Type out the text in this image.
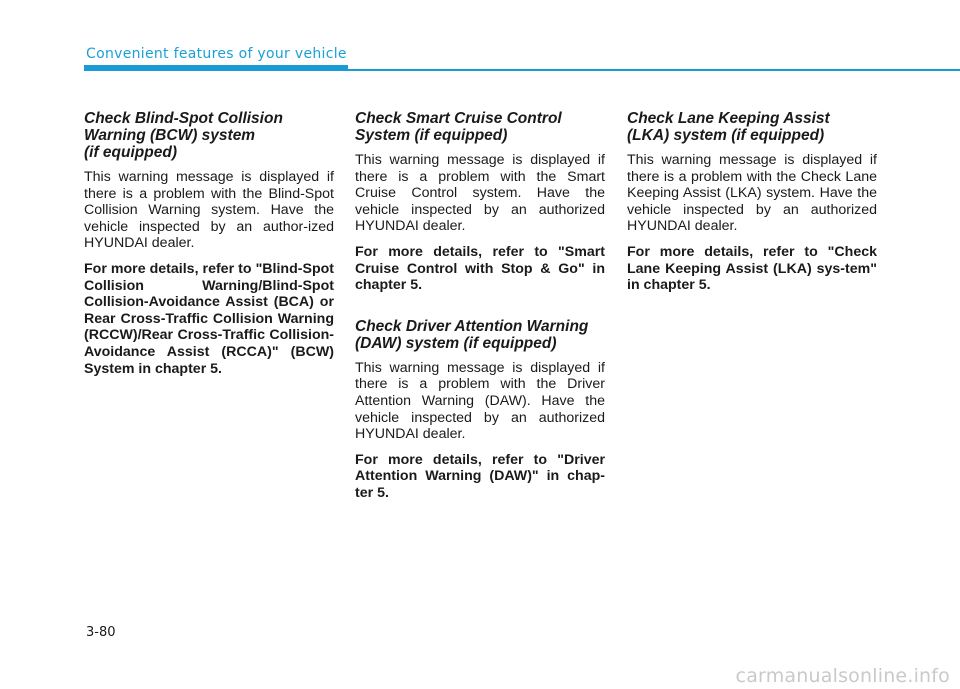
Convenient features of your vehicle
Check Blind-Spot Collision
Warning (BCW) system
(if equipped)

This warning message is displayed if there is a problem with the Blind-Spot Collision Warning system. Have the vehicle inspected by an author-ized HYUNDAI dealer.

For more details, refer to "Blind-Spot Collision Warning/Blind-Spot Collision-Avoidance Assist (BCA) or Rear Cross-Traffic Collision Warning (RCCW)/Rear Cross-Traffic Collision-Avoidance Assist (RCCA)" (BCW) System in chapter 5.

Check Smart Cruise Control
System (if equipped)

This warning message is displayed if there is a problem with the Smart Cruise Control system. Have the vehicle inspected by an authorized HYUNDAI dealer.

For more details, refer to "Smart Cruise Control with Stop & Go" in chapter 5.

Check Driver Attention Warning
(DAW) system (if equipped)

This warning message is displayed if there is a problem with the Driver Attention Warning (DAW). Have the vehicle inspected by an authorized HYUNDAI dealer.

For more details, refer to "Driver Attention Warning (DAW)" in chap-ter 5.

Check Lane Keeping Assist
(LKA) system (if equipped)

This warning message is displayed if there is a problem with the Check Lane Keeping Assist (LKA) system. Have the vehicle inspected by an authorized HYUNDAI dealer.

For more details, refer to "Check Lane Keeping Assist (LKA) sys-tem" in chapter 5.

3-80
carmanualsonline.info
